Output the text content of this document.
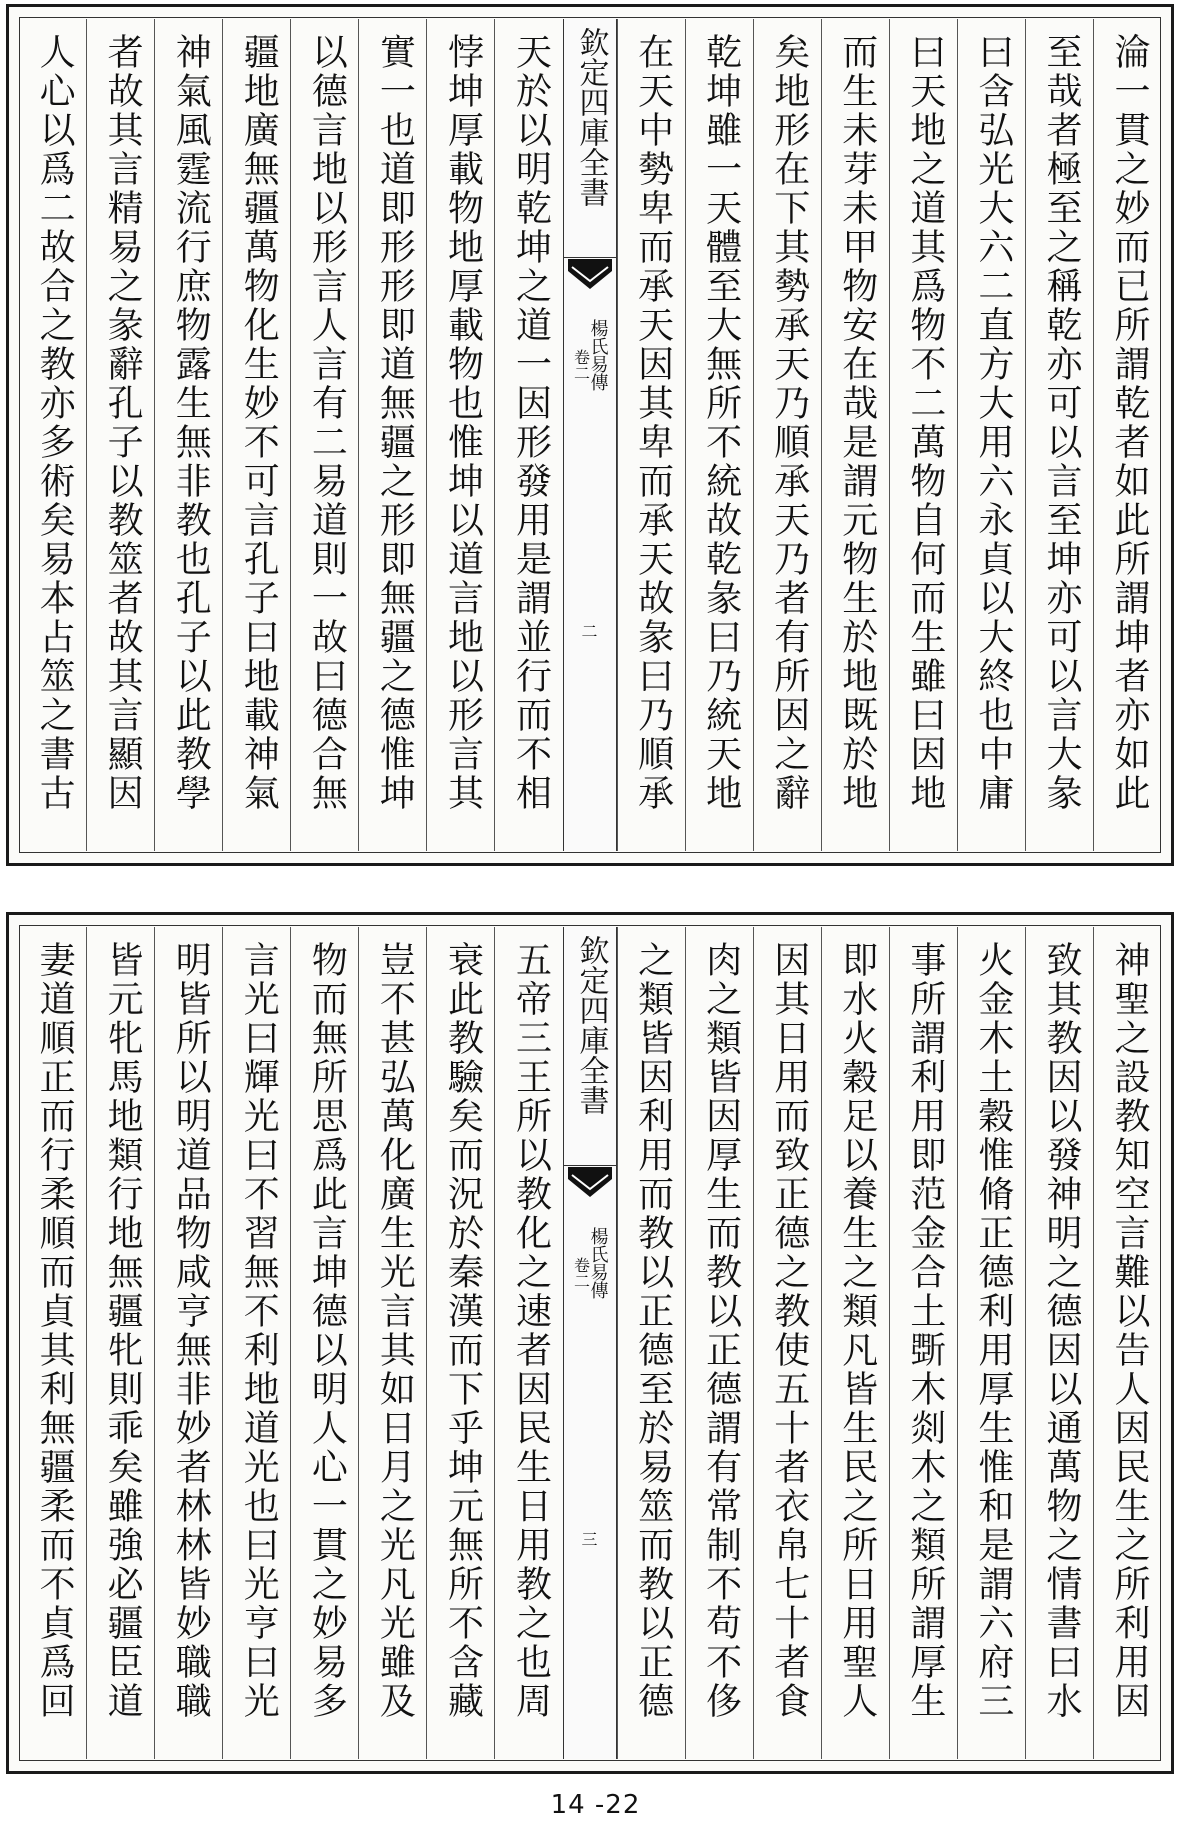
淪一貫之妙而已所謂乾者如此所謂坤者亦如此
至哉者極至之稱乾亦可以言至坤亦可以言大彖
曰含弘光大六二直方大用六永貞以大終也中庸
曰天地之道其爲物不二萬物自何而生雖曰因地
而生未芽未甲物安在哉是謂元物生於地既於地
矣地形在下其勢承天乃順承天乃者有所因之辭
乾坤雖一天體至大無所不統故乾彖曰乃統天地
在天中勢卑而承天因其卑而承天故彖曰乃順承
欽定四庫全書
楊氏易傳
卷二
二
天於以明乾坤之道一因形發用是謂並行而不相
悖坤厚載物地厚載物也惟坤以道言地以形言其
實一也道即形形即道無疆之形即無疆之德惟坤
以德言地以形言人言有二易道則一故曰德合無
疆地廣無疆萬物化生妙不可言孔子曰地載神氣
神氣風霆流行庶物露生無非教也孔子以此教學
者故其言精易之彖辭孔子以教筮者故其言顯因
人心以爲二故合之教亦多術矣易本占筮之書古
神聖之設教知空言難以告人因民生之所利用因
致其教因以發神明之德因以通萬物之情書曰水
火金木土穀惟脩正德利用厚生惟和是謂六府三
事所謂利用即范金合土斲木剡木之類所謂厚生
即水火穀足以養生之類凡皆生民之所日用聖人
因其日用而致正德之教使五十者衣帛七十者食
肉之類皆因厚生而教以正德謂有常制不苟不侈
之類皆因利用而教以正德至於易筮而教以正德
欽定四庫全書
楊氏易傳
卷二
三
五帝三王所以教化之速者因民生日用教之也周
衰此教驗矣而況於秦漢而下乎坤元無所不含藏
豈不甚弘萬化廣生光言其如日月之光凡光雖及
物而無所思爲此言坤德以明人心一貫之妙易多
言光曰輝光曰不習無不利地道光也曰光亨曰光
明皆所以明道品物咸亨無非妙者林林皆妙職職
皆元牝馬地類行地無疆牝則乖矣雖強必疆臣道
妻道順正而行柔順而貞其利無疆柔而不貞爲回
14 -22
